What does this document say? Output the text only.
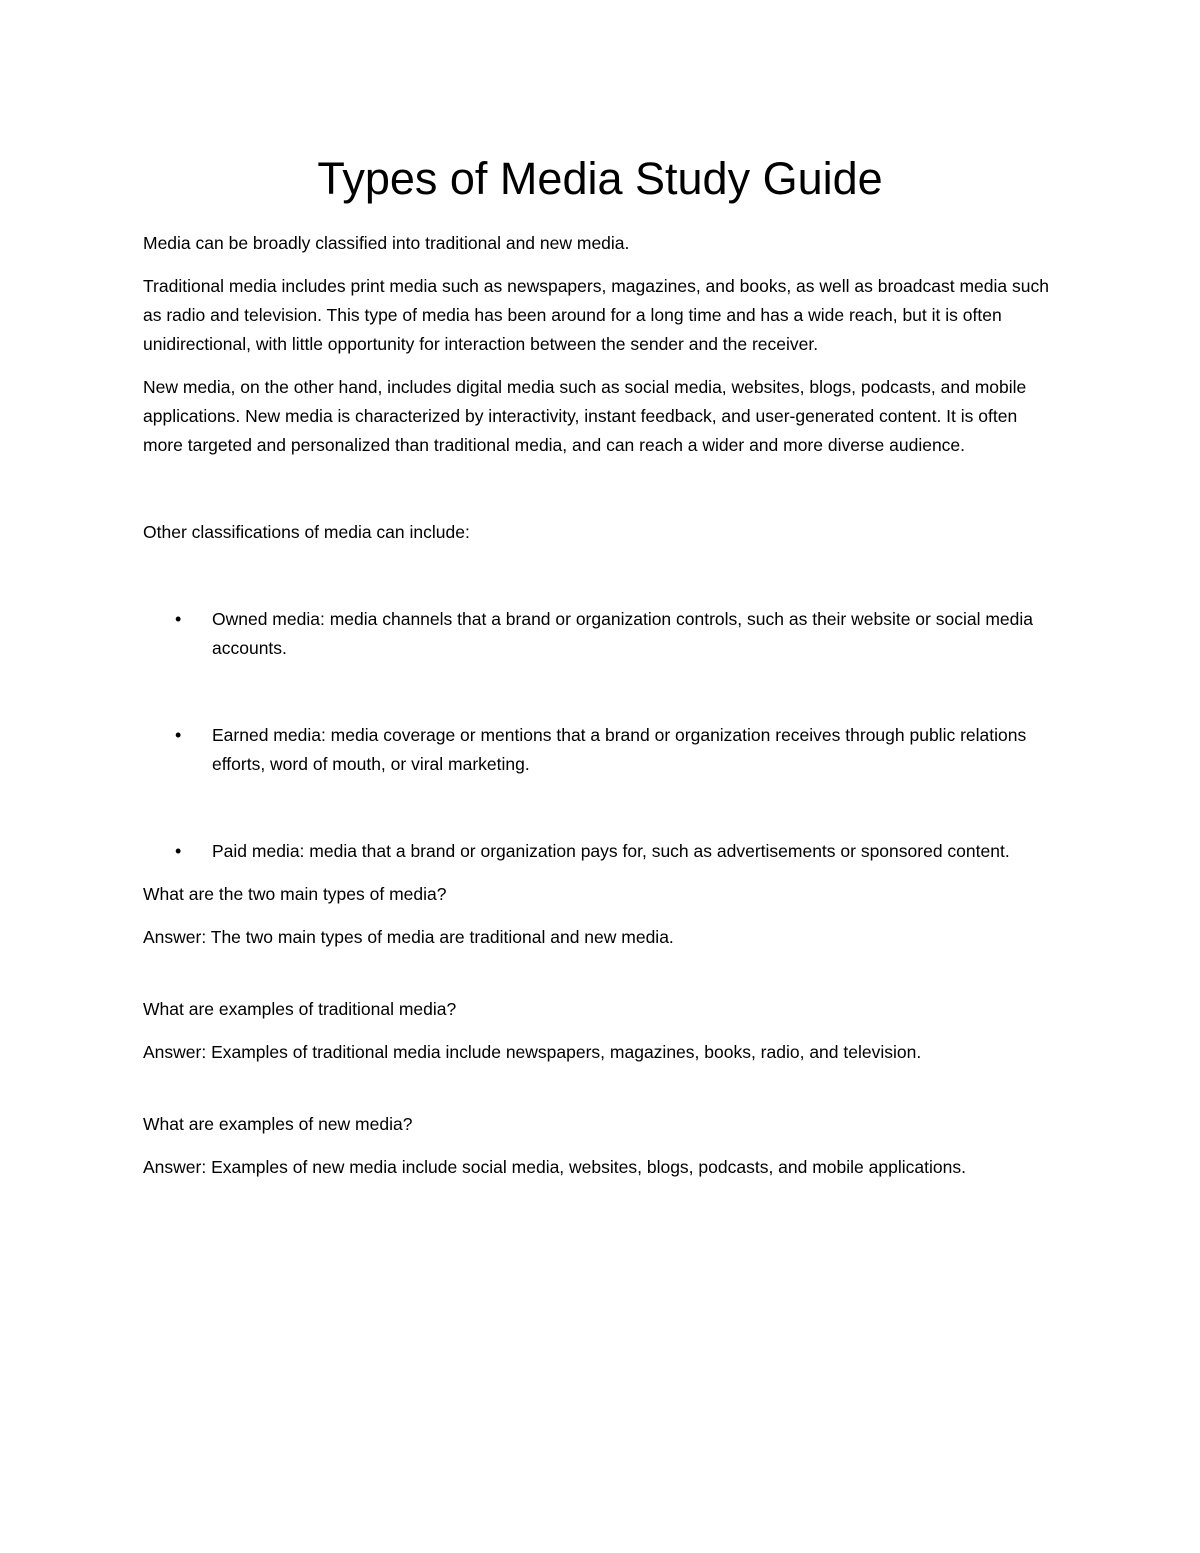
Types of Media Study Guide

Media can be broadly classified into traditional and new media.

Traditional media includes print media such as newspapers, magazines, and books, as well as broadcast media such as radio and television. This type of media has been around for a long time and has a wide reach, but it is often unidirectional, with little opportunity for interaction between the sender and the receiver.

New media, on the other hand, includes digital media such as social media, websites, blogs, podcasts, and mobile applications. New media is characterized by interactivity, instant feedback, and user-generated content. It is often more targeted and personalized than traditional media, and can reach a wider and more diverse audience.

Other classifications of media can include:

• Owned media: media channels that a brand or organization controls, such as their website or social media accounts.
• Earned media: media coverage or mentions that a brand or organization receives through public relations efforts, word of mouth, or viral marketing.
• Paid media: media that a brand or organization pays for, such as advertisements or sponsored content.

What are the two main types of media?

Answer: The two main types of media are traditional and new media.

What are examples of traditional media?

Answer: Examples of traditional media include newspapers, magazines, books, radio, and television.

What are examples of new media?

Answer: Examples of new media include social media, websites, blogs, podcasts, and mobile applications.
